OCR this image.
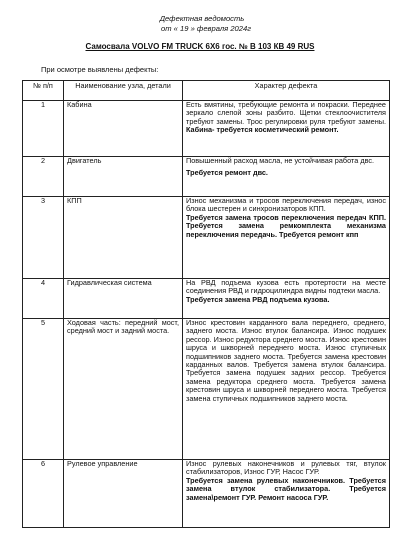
Дефектная ведомость
от « 19 » февраля 2024г
Самосвала VOLVO FM TRUCK 6X6 гос. № В 103 КВ 49 RUS
При осмотре выявлены дефекты:
№ п/п	Наименование узла, детали	Характер дефекта
1	Кабина	Есть вмятины, требующие ремонта и покраски. Переднее зеркало слепой зоны разбито. Щетки стеклоочистителя требуют замены. Трос регулировки руля требуют замены. Кабина- требуется косметический ремонт.
2	Двигатель	Повышенный расход масла, не устойчивая работа двс.
Требуется ремонт двс.

3	КПП	Износ механизма и тросов переключения передач, износ блока шестерен и синхронизаторов КПП.
Требуется замена тросов переключения передач КПП. Требуется замена ремкомплекта механизма переключения передачь. Требуется ремонт кпп

4	Гидравлическая система	На РВД подъема кузова есть протертости на месте соединения РВД и гидроцилиндра видны подтеки масла.
Требуется замена РВД подъема кузова.

5	Ходовая часть: передний мост, средний мост и задний моста.	Износ крестовин карданного вала переднего, среднего, заднего моста. Износ втулок балансира. Износ подушек рессор. Износ редуктора среднего моста. Износ крестовин шруса и шкворней переднего моста. Износ ступичных подшипников заднего моста. Требуется замена крестовин карданных валов. Требуется замена втулок балансира. Требуется замена подушек задних рессор. Требуется замена редуктора среднего моста. Требуется замена крестовин шруса и шкворней переднего моста. Требуется замена ступичных подшипников заднего моста.
6	Рулевое управление	Износ рулевых наконечников и рулевых тяг, втулок стабилизаторов, Износ ГУР, Насос ГУР.
Требуется замена рулевых наконечников. Требуется замена втулок стабилизатора. Требуется замена\ремонт ГУР. Ремонт насоса ГУР.
